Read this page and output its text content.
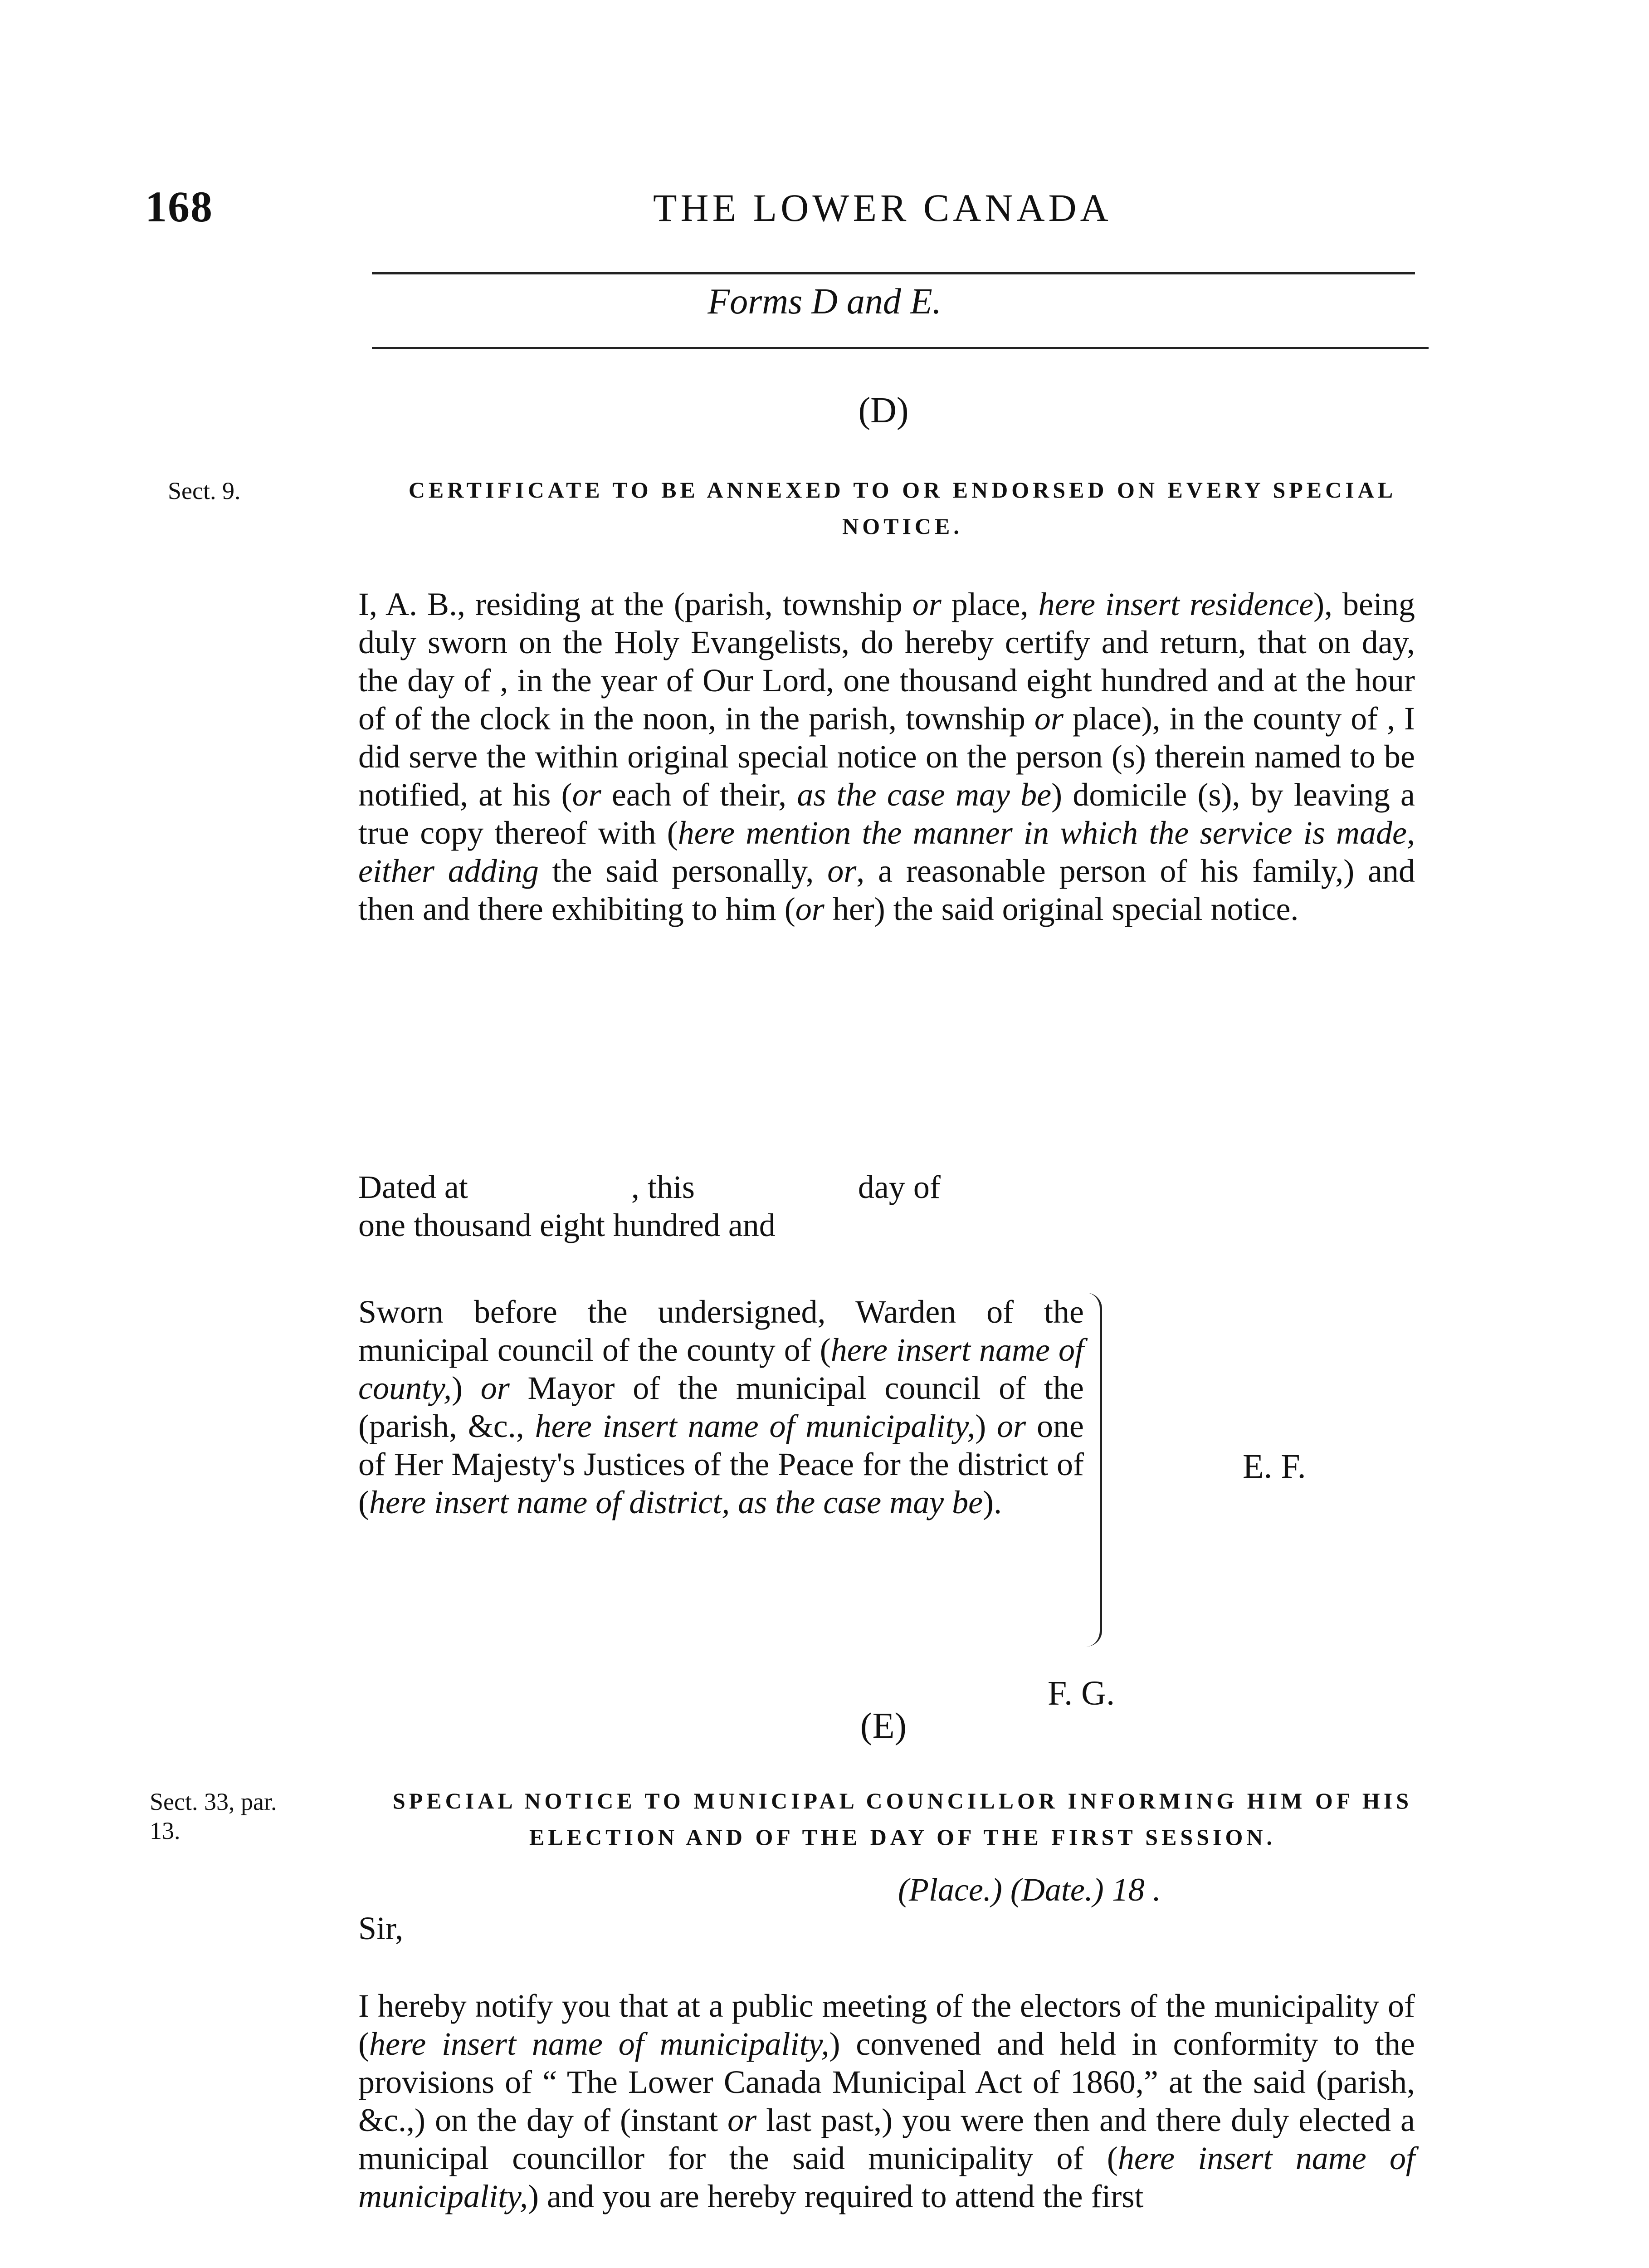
168	THE LOWER CANADA
Forms D and E.
(D)
Sect. 9.	CERTIFICATE TO BE ANNEXED TO OR ENDORSED ON EVERY SPECIAL NOTICE.
I, A. B., residing at the (parish, township or place, here insert residence), being duly sworn on the Holy Evangelists, do hereby certify and return, that on day, the day of , in the year of Our Lord, one thousand eight hundred and at the hour of of the clock in the noon, in the parish, township or place), in the county of , I did serve the within original special notice on the person (s) therein named to be notified, at his (or each of their, as the case may be) domicile (s), by leaving a true copy thereof with (here mention the manner in which the service is made, either adding the said personally, or, a reasonable person of his family,) and then and there exhibiting to him (or her) the said original special notice.
Dated at                    , this                    day of
one thousand eight hundred and
Sworn before the undersigned, Warden of the municipal council of the county of (here insert name of county,) or Mayor of the municipal council of the (parish, &c., here insert name of municipality,) or one of Her Majesty's Justices of the Peace for the district of (here insert name of district, as the case may be).
E. F.
F. G.
(E)
Sect. 33, par.
13.
SPECIAL NOTICE TO MUNICIPAL COUNCILLOR INFORMING HIM OF HIS ELECTION AND OF THE DAY OF THE FIRST SESSION.
(Place.) (Date.) 18 .
Sir,
I hereby notify you that at a public meeting of the electors of the municipality of (here insert name of municipality,) convened and held in conformity to the provisions of “ The Lower Canada Municipal Act of 1860,” at the said (parish, &c.,) on the day of (instant or last past,) you were then and there duly elected a municipal councillor for the said municipality of (here insert name of municipality,) and you are hereby required to attend the first
